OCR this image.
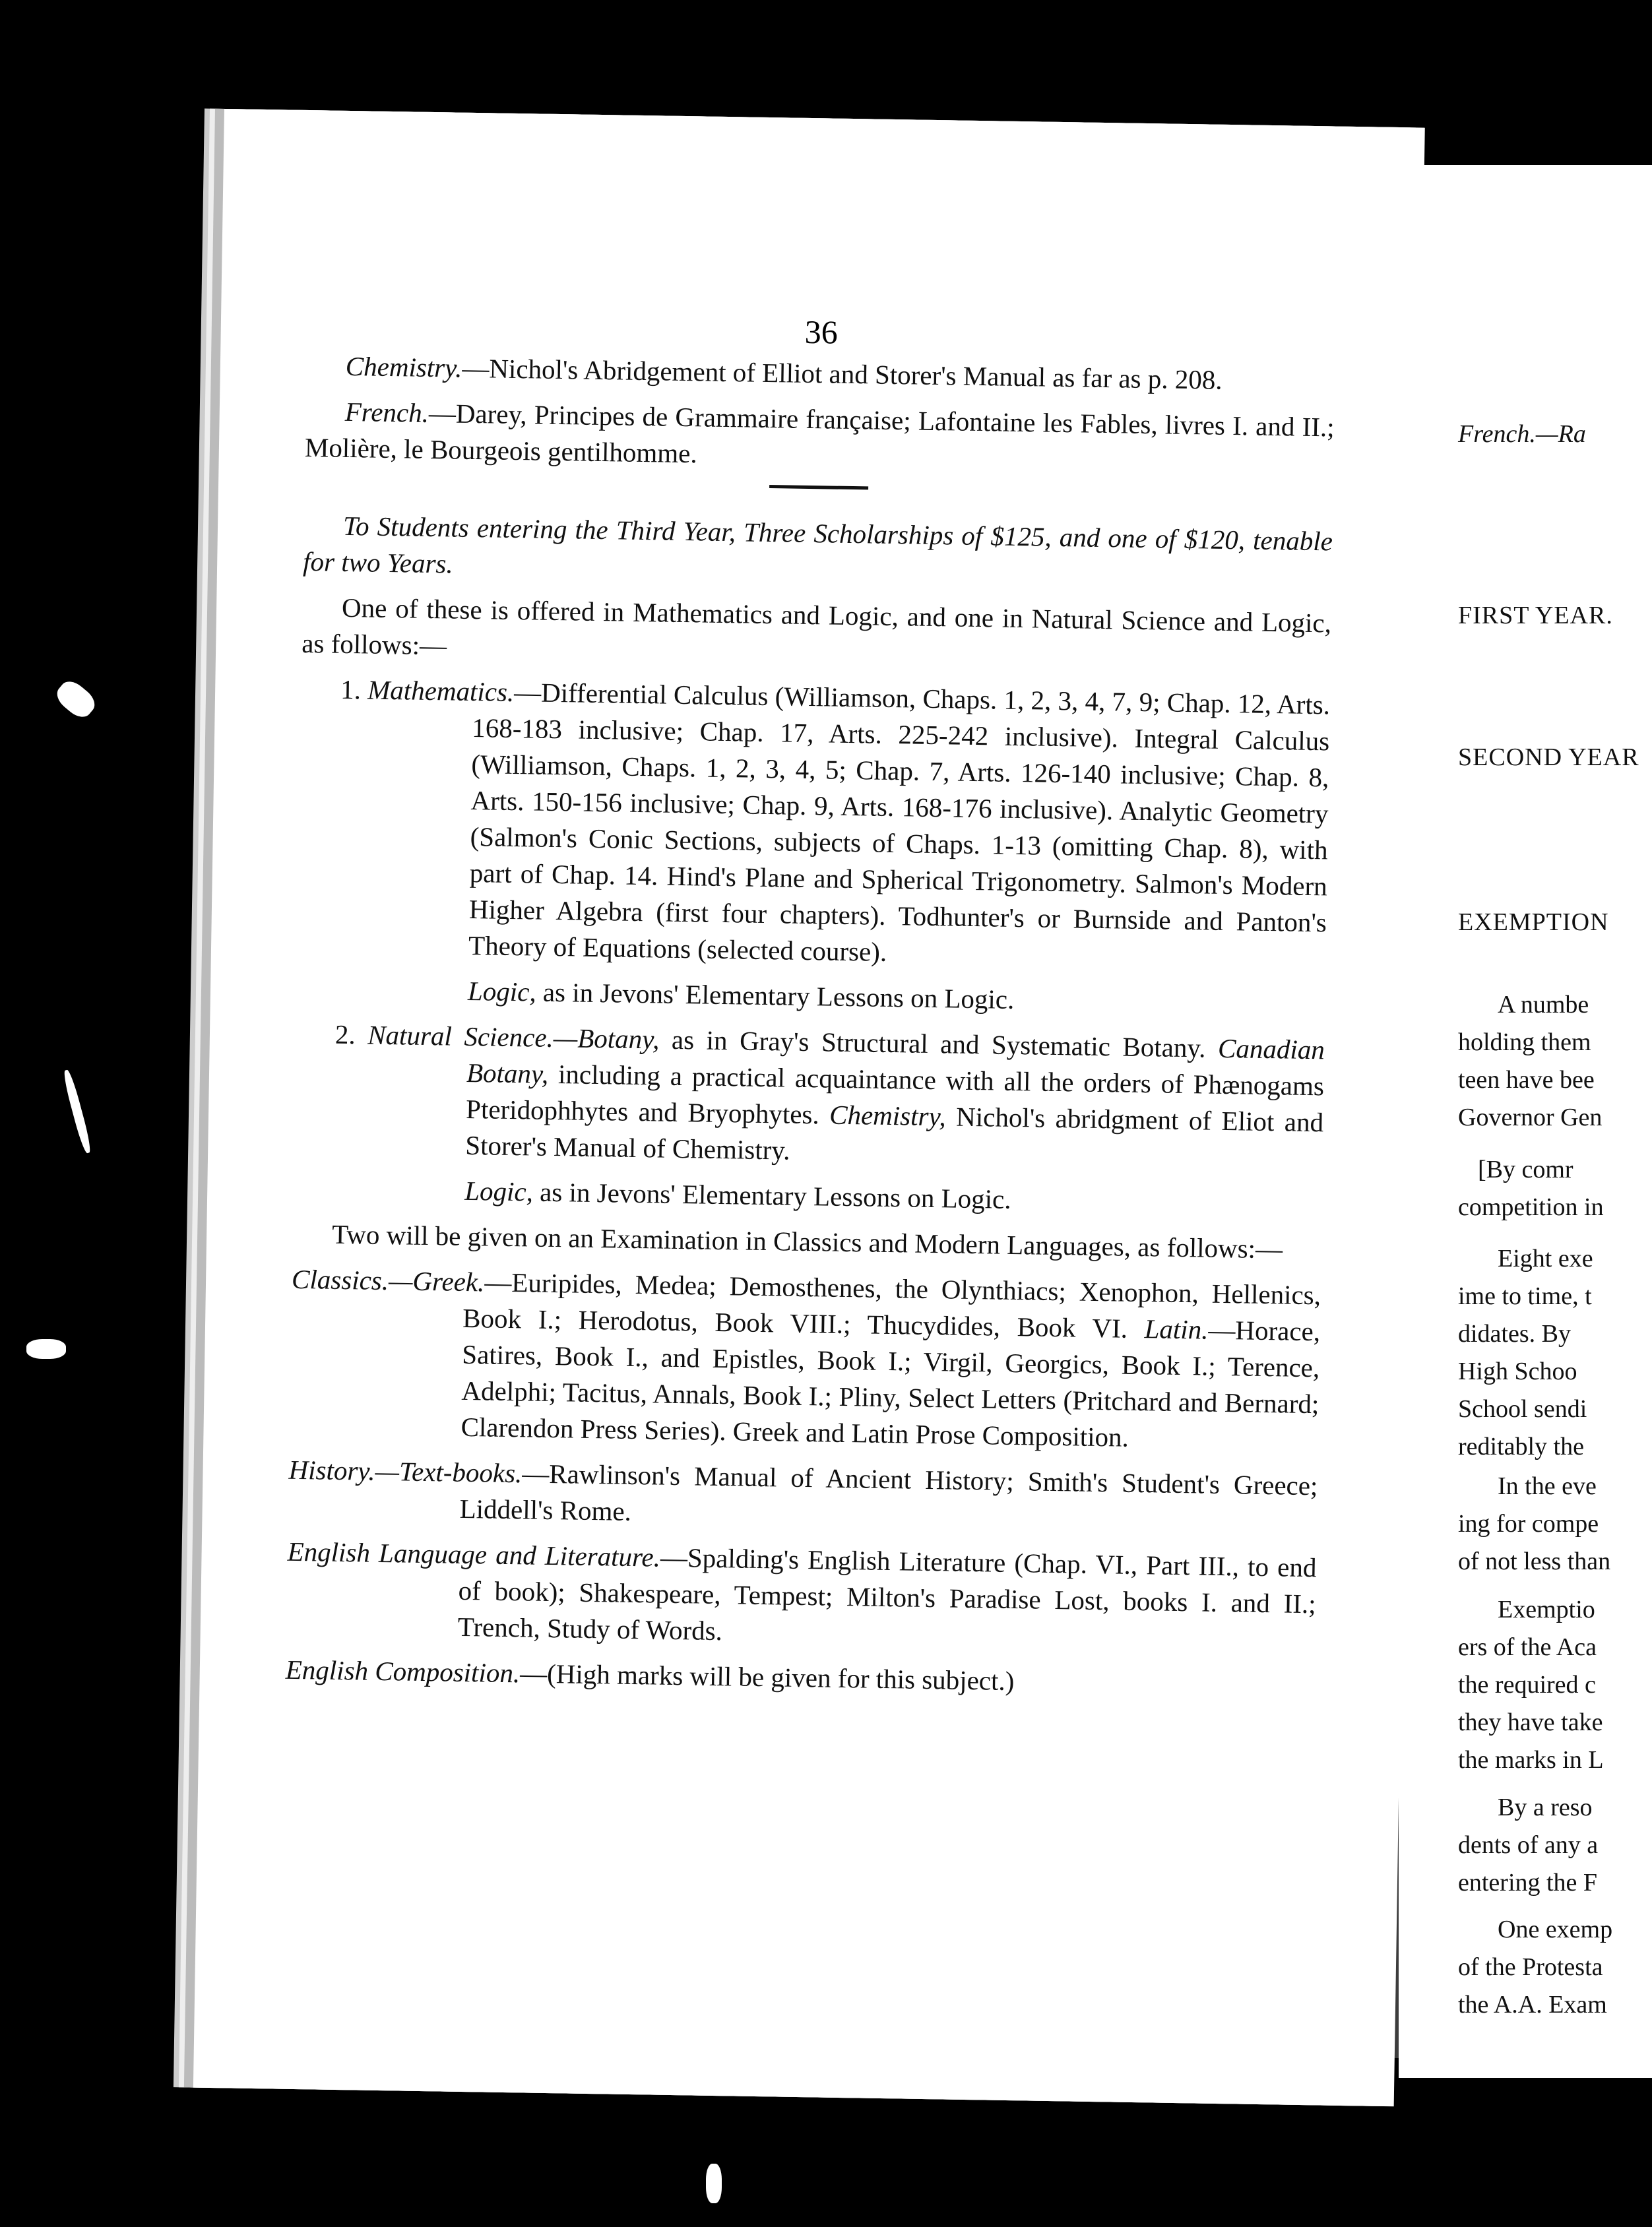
French.—Ra
FIRST YEAR.
SECOND YEAR
EXEMPTION
A numbe
holding them
teen have bee
Governor Gen
[By comr
competition in
Eight exe
ime to time, t
didates. By
High Schoo
School sendi
reditably the
In the eve
ing for compe
of not less than
Exemptio
ers of the Aca
the required c
they have take
the marks in L
By a reso
dents of any a
entering the F
One exemp
of the Protesta
the A.A. Exam
36

Chemistry.—Nichol's Abridgement of Elliot and Storer's Manual as far as p. 208.

French.—Darey, Principes de Grammaire française; Lafontaine les Fables, livres I. and II.; Molière, le Bourgeois gentilhomme.

To Students entering the Third Year, Three Scholarships of $125, and one of $120, tenable for two Years.

One of these is offered in Mathematics and Logic, and one in Natural Science and Logic, as follows:—

1. Mathematics.—Differential Calculus (Williamson, Chaps. 1, 2, 3, 4, 7, 9; Chap. 12, Arts. 168-183 inclusive; Chap. 17, Arts. 225-242 inclusive). Integral Calculus (Williamson, Chaps. 1, 2, 3, 4, 5; Chap. 7, Arts. 126-140 inclusive; Chap. 8, Arts. 150-156 inclusive; Chap. 9, Arts. 168-176 inclusive). Analytic Geometry (Salmon's Conic Sections, subjects of Chaps. 1-13 (omitting Chap. 8), with part of Chap. 14. Hind's Plane and Spherical Trigonometry. Salmon's Modern Higher Algebra (first four chapters). Todhunter's or Burnside and Panton's Theory of Equations (selected course).

Logic, as in Jevons' Elementary Lessons on Logic.

2. Natural Science.—Botany, as in Gray's Structural and Systematic Botany. Canadian Botany, including a practical acquaintance with all the orders of Phænogams Pteridophhytes and Bryophytes. Chemistry, Nichol's abridgment of Eliot and Storer's Manual of Chemistry.

Logic, as in Jevons' Elementary Lessons on Logic.

Two will be given on an Examination in Classics and Modern Languages, as follows:—

Classics.—Greek.—Euripides, Medea; Demosthenes, the Olynthiacs; Xenophon, Hellenics, Book I.; Herodotus, Book VIII.; Thucydides, Book VI. Latin.—Horace, Satires, Book I., and Epistles, Book I.; Virgil, Georgics, Book I.; Terence, Adelphi; Tacitus, Annals, Book I.; Pliny, Select Letters (Pritchard and Bernard; Clarendon Press Series). Greek and Latin Prose Composition.

History.—Text-books.—Rawlinson's Manual of Ancient History; Smith's Student's Greece; Liddell's Rome.

English Language and Literature.—Spalding's English Literature (Chap. VI., Part III., to end of book); Shakespeare, Tempest; Milton's Paradise Lost, books I. and II.; Trench, Study of Words.

English Composition.—(High marks will be given for this subject.)
